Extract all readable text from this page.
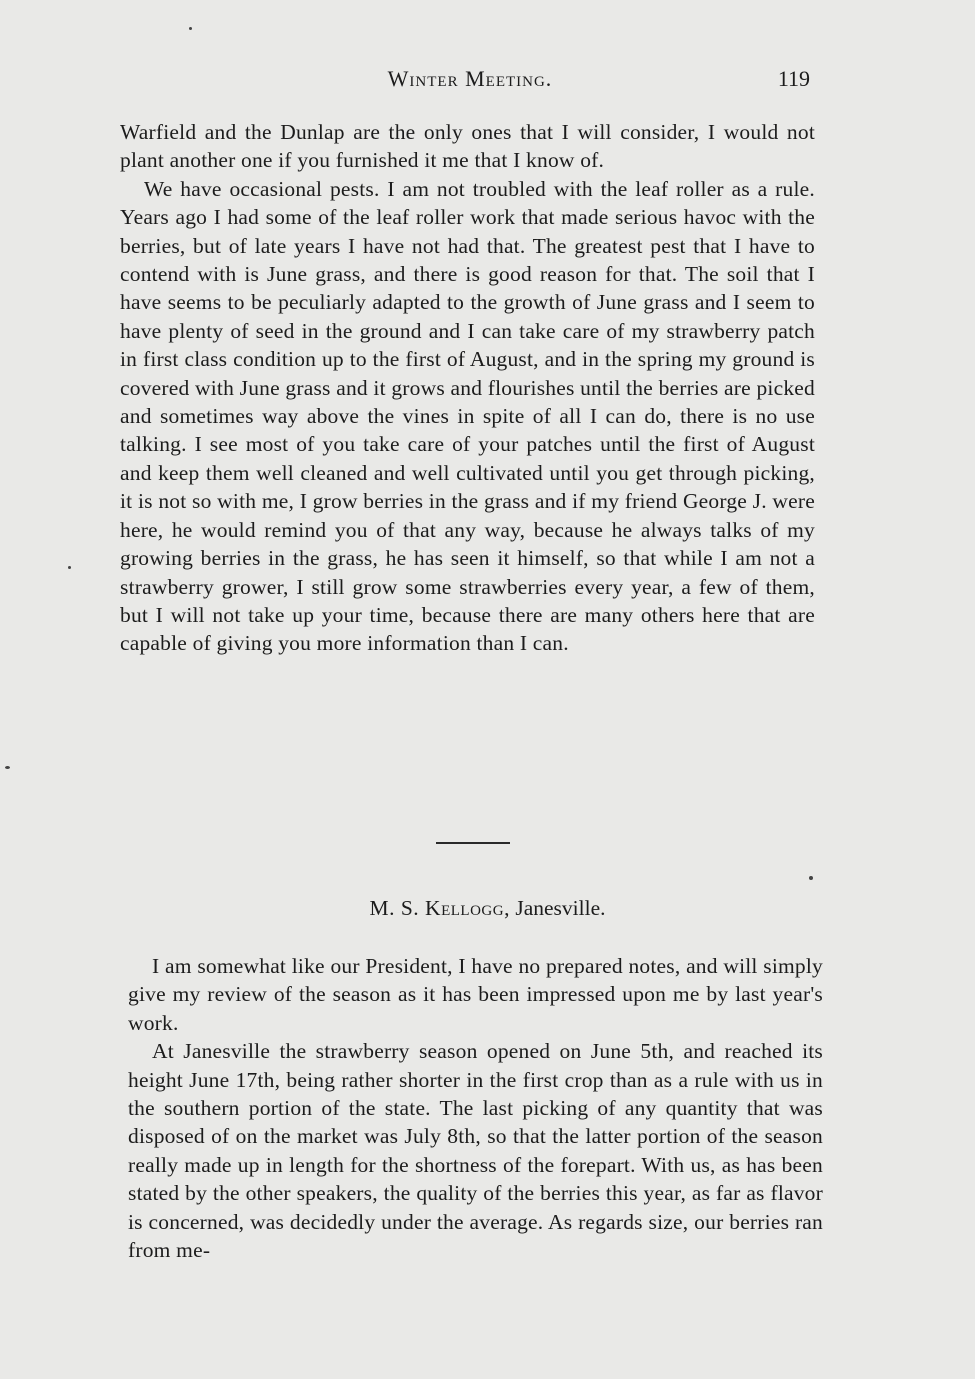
Winter Meeting.	119

Warfield and the Dunlap are the only ones that I will consider, I would not plant another one if you furnished it me that I know of.

We have occasional pests. I am not troubled with the leaf roller as a rule. Years ago I had some of the leaf roller work that made serious havoc with the berries, but of late years I have not had that. The greatest pest that I have to contend with is June grass, and there is good reason for that. The soil that I have seems to be peculiarly adapted to the growth of June grass and I seem to have plenty of seed in the ground and I can take care of my strawberry patch in first class condition up to the first of August, and in the spring my ground is covered with June grass and it grows and flourishes until the berries are picked and sometimes way above the vines in spite of all I can do, there is no use talking. I see most of you take care of your patches until the first of August and keep them well cleaned and well cultivated until you get through picking, it is not so with me, I grow berries in the grass and if my friend George J. were here, he would remind you of that any way, because he always talks of my growing berries in the grass, he has seen it himself, so that while I am not a strawberry grower, I still grow some strawberries every year, a few of them, but I will not take up your time, because there are many others here that are capable of giving you more information than I can.

M. S. Kellogg, Janesville.

I am somewhat like our President, I have no prepared notes, and will simply give my review of the season as it has been impressed upon me by last year's work.

At Janesville the strawberry season opened on June 5th, and reached its height June 17th, being rather shorter in the first crop than as a rule with us in the southern portion of the state. The last picking of any quantity that was disposed of on the market was July 8th, so that the latter portion of the season really made up in length for the shortness of the forepart. With us, as has been stated by the other speakers, the quality of the berries this year, as far as flavor is concerned, was decidedly under the average. As regards size, our berries ran from me-
